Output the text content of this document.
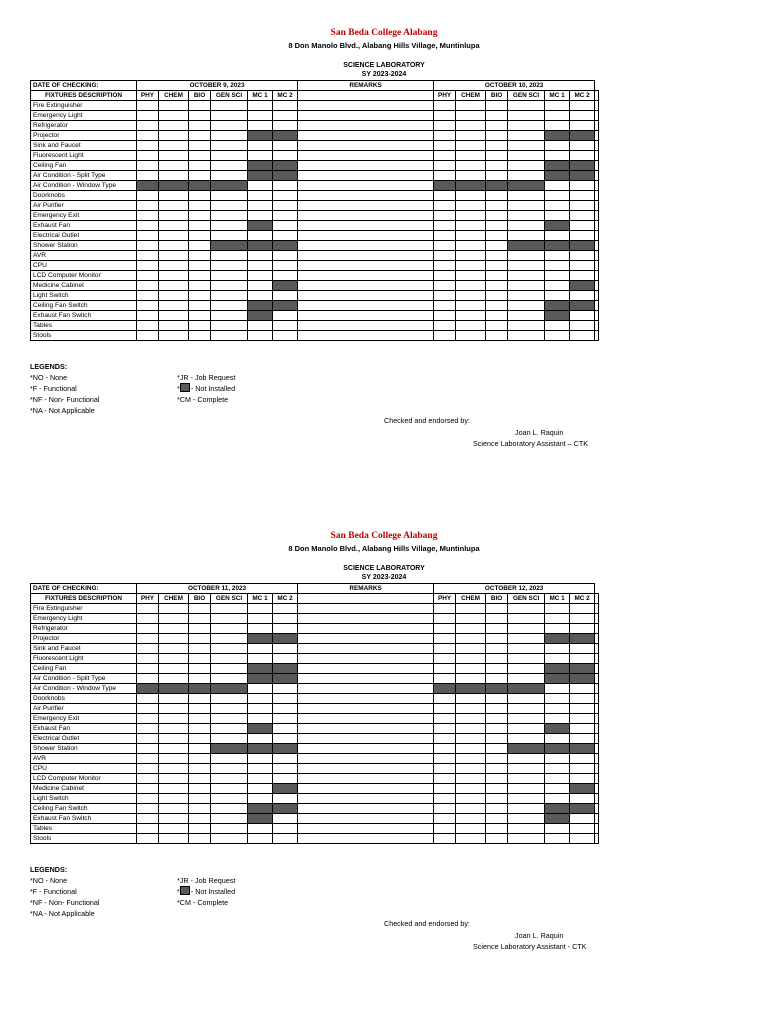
San Beda College Alabang
8 Don Manolo Blvd., Alabang Hills Village, Muntinlupa
SCIENCE LABORATORY
SY 2023-2024
DATE OF CHECKING:	OCTOBER 9, 2023						REMARKS	OCTOBER 10, 2023						
FIXTURES DESCRIPTION	PHY	CHEM	BIO	GEN SCI	MC 1	MC 2		PHY	CHEM	BIO	GEN SCI	MC 1	MC 2	
Fire Extinguisher														
Emergency Light														
Refrigerator														
Projector														
Sink and Faucet														
Fluorescent Light														
Ceiling Fan														
Air Condition - Split Type														
Air Condition - Window Type														
Doorknobs														
Air Purifier														
Emergency Exit														
Exhaust Fan														
Electrical Outlet														
Shower Station														
AVR														
CPU														
LCD Computer Monitor														
Medicine Cabinet														
Light Switch														
Ceiling Fan Switch														
Exhaust Fan Switch														
Tables														
Stools														
LEGENDS:
*NO - None
*F - Functional
*NF - Non- Functional
*NA - Not Applicable
*JR - Job Request
* - Not Installed
*CM - Complete
Checked and endorsed by:
Joan L. Raquin
Science Laboratory Assistant – CTK
San Beda College Alabang
8 Don Manolo Blvd., Alabang Hills Village, Muntinlupa
SCIENCE LABORATORY
SY 2023-2024
DATE OF CHECKING:	OCTOBER 11, 2023						REMARKS	OCTOBER 12, 2023						
FIXTURES DESCRIPTION	PHY	CHEM	BIO	GEN SCI	MC 1	MC 2		PHY	CHEM	BIO	GEN SCI	MC 1	MC 2	
Fire Extinguisher														
Emergency Light														
Refrigerator														
Projector														
Sink and Faucet														
Fluorescent Light														
Ceiling Fan														
Air Condition - Split Type														
Air Condition - Window Type														
Doorknobs														
Air Purifier														
Emergency Exit														
Exhaust Fan														
Electrical Outlet														
Shower Station														
AVR														
CPU														
LCD Computer Monitor														
Medicine Cabinet														
Light Switch														
Ceiling Fan Switch														
Exhaust Fan Switch														
Tables														
Stools														
LEGENDS:
*NO - None
*F - Functional
*NF - Non- Functional
*NA - Not Applicable
*JR - Job Request
* - Not Installed
*CM - Complete
Checked and endorsed by:
Joan L. Raquin
Science Laboratory Assistant - CTK
